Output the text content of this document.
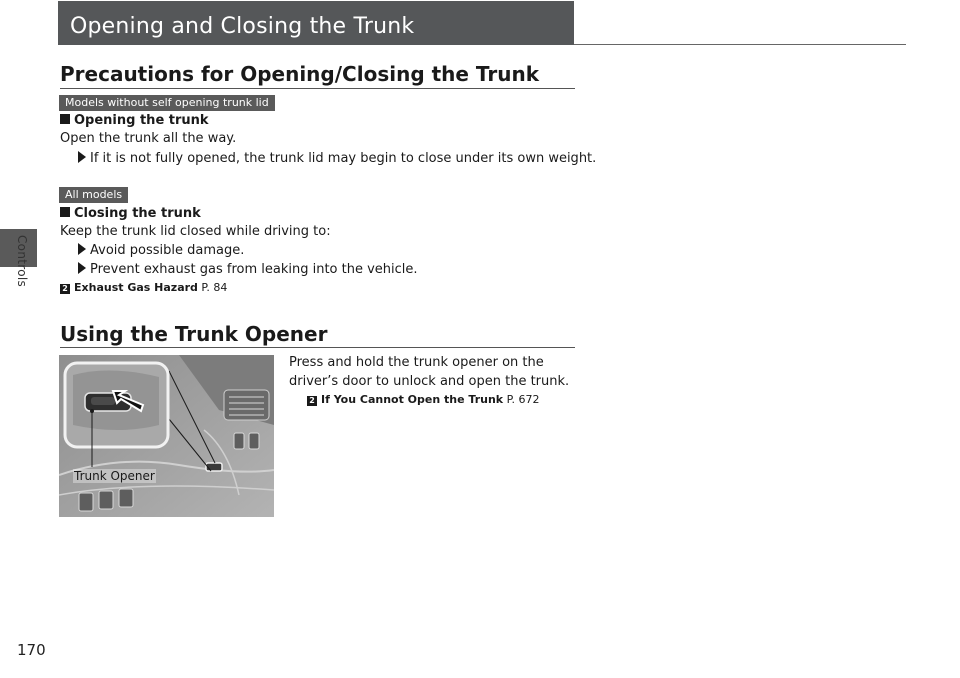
Controls
Opening and Closing the Trunk
Precautions for Opening/Closing the Trunk
Models without self opening trunk lid
Opening the trunk
Open the trunk all the way.
If it is not fully opened, the trunk lid may begin to close under its own weight.
All models
Closing the trunk
Keep the trunk lid closed while driving to:
Avoid possible damage.
Prevent exhaust gas from leaking into the vehicle.
2 Exhaust Gas Hazard P. 84
Using the Trunk Opener
Trunk Opener
Press and hold the trunk opener on the
driver’s door to unlock and open the trunk.
2 If You Cannot Open the Trunk P. 672
170
